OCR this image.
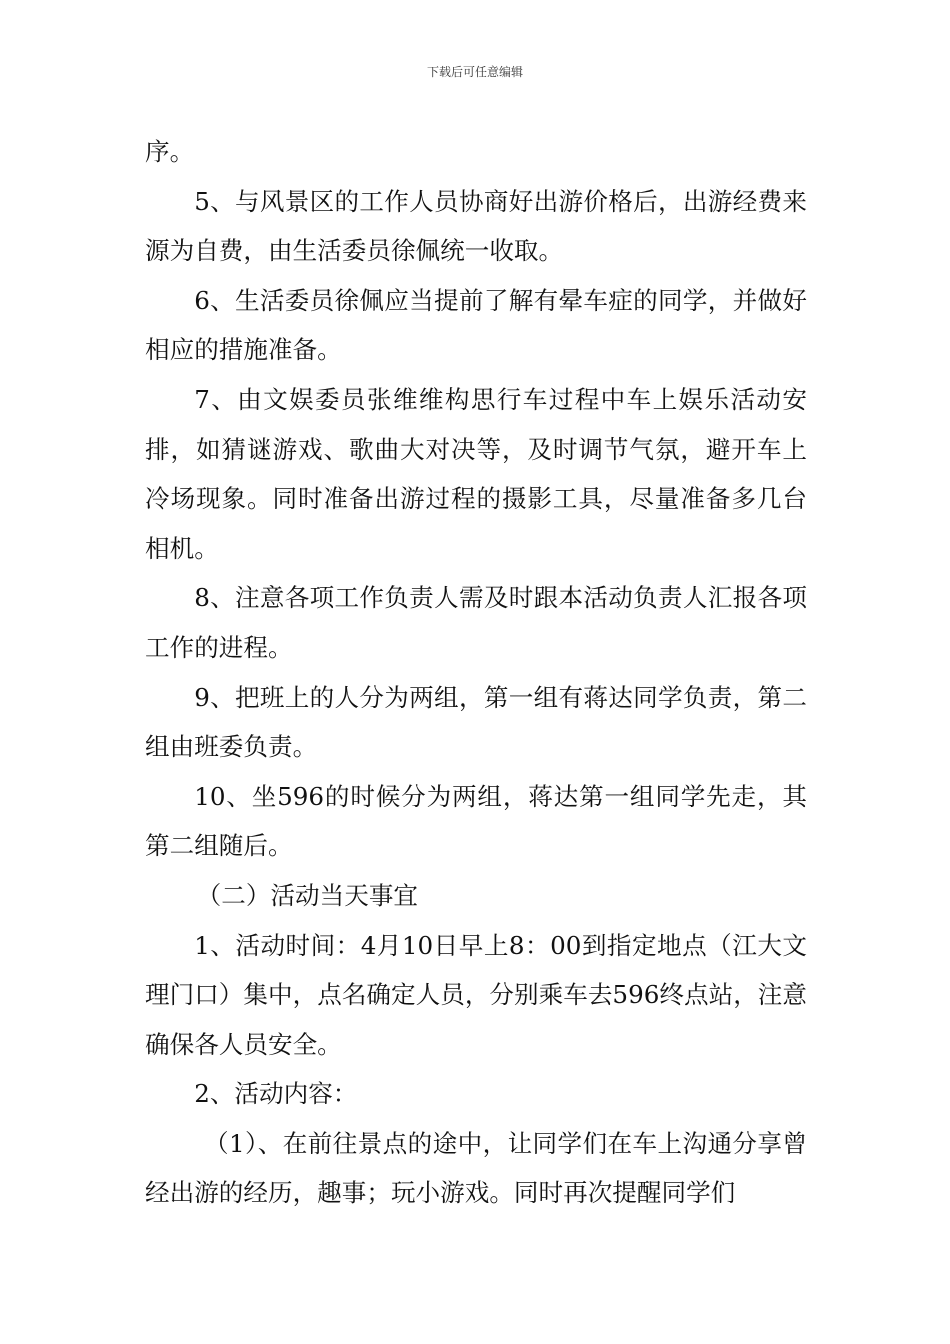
下载后可任意编辑

序。

5、与风景区的工作人员协商好出游价格后，出游经费来源为自费，由生活委员徐佩统一收取。

6、生活委员徐佩应当提前了解有晕车症的同学，并做好相应的措施准备。

7、由文娱委员张维维构思行车过程中车上娱乐活动安排，如猜谜游戏、歌曲大对决等，及时调节气氛，避开车上冷场现象。同时准备出游过程的摄影工具，尽量准备多几台相机。

8、注意各项工作负责人需及时跟本活动负责人汇报各项工作的进程。

9、把班上的人分为两组，第一组有蒋达同学负责，第二组由班委负责。

10、坐596的时候分为两组，蒋达第一组同学先走，其第二组随后。

（二）活动当天事宜

1、活动时间：4月10日早上8：00到指定地点（江大文理门口）集中，点名确定人员，分别乘车去596终点站，注意确保各人员安全。

2、活动内容：

（1）、在前往景点的途中，让同学们在车上沟通分享曾经出游的经历，趣事；玩小游戏。同时再次提醒同学们
